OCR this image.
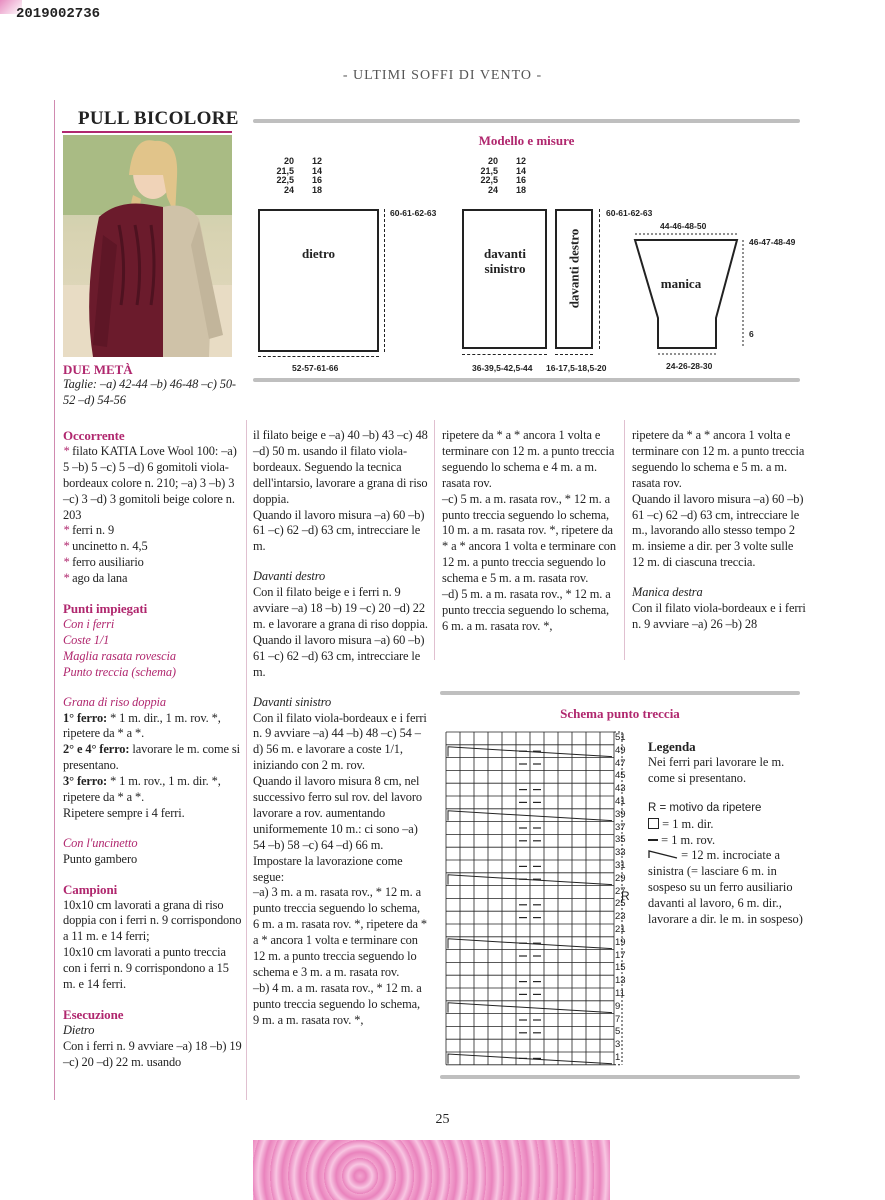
2019002736
- ULTIMI SOFFI DI VENTO -
PULL BICOLORE
DUE METÀ
Taglie: –a) 42-44 –b) 46-48 –c) 50-52 –d) 54-56
Modello e misure
20
21,5
22,5
24
12
14
16
18
20
21,5
22,5
24
12
14
16
18
dietro	davanti sinistro	davanti destro
60-61-62-63
52-57-61-66
60-61-62-63
36-39,5-42,5-44 16-17,5-18,5-20
manica
44-46-48-50
46-47-48-49
6
24-26-28-30

Occorrente

* filato KATIA Love Wool 100: –a) 5 –b) 5 –c) 5 –d) 6 gomitoli viola-bordeaux colore n. 210; –a) 3 –b) 3 –c) 3 –d) 3 gomitoli beige colore n. 203

* ferri n. 9

* uncinetto n. 4,5

* ferro ausiliario

* ago da lana

Punti impiegati

Con i ferri

Coste 1/1

Maglia rasata rovescia

Punto treccia (schema)

Grana di riso doppia

1° ferro: * 1 m. dir., 1 m. rov. *, ripetere da * a *.

2° e 4° ferro: lavorare le m. come si presentano.

3° ferro: * 1 m. rov., 1 m. dir. *, ripetere da * a *.

Ripetere sempre i 4 ferri.

Con l'uncinetto

Punto gambero

Campioni

10x10 cm lavorati a grana di riso doppia con i ferri n. 9 corrispondono a 11 m. e 14 ferri;

10x10 cm lavorati a punto treccia con i ferri n. 9 corrispondono a 15 m. e 14 ferri.

Esecuzione

Dietro

Con i ferri n. 9 avviare –a) 18 –b) 19 –c) 20 –d) 22 m. usando

il filato beige e –a) 40 –b) 43 –c) 48 –d) 50 m. usando il filato viola-bordeaux. Seguendo la tecnica dell'intarsio, lavorare a grana di riso doppia.

Quando il lavoro misura –a) 60 –b) 61 –c) 62 –d) 63 cm, intrecciare le m.

Davanti destro

Con il filato beige e i ferri n. 9 avviare –a) 18 –b) 19 –c) 20 –d) 22 m. e lavorare a grana di riso doppia.

Quando il lavoro misura –a) 60 –b) 61 –c) 62 –d) 63 cm, intrecciare le m.

Davanti sinistro

Con il filato viola-bordeaux e i ferri n. 9 avviare –a) 44 –b) 48 –c) 54 –d) 56 m. e lavorare a coste 1/1, iniziando con 2 m. rov.

Quando il lavoro misura 8 cm, nel successivo ferro sul rov. del lavoro lavorare a rov. aumentando uniformemente 10 m.: ci sono –a) 54 –b) 58 –c) 64 –d) 66 m.

Impostare la lavorazione come segue:

–a) 3 m. a m. rasata rov., * 12 m. a punto treccia seguendo lo schema, 6 m. a m. rasata rov. *, ripetere da * a * ancora 1 volta e terminare con 12 m. a punto treccia seguendo lo schema e 3 m. a m. rasata rov.

–b) 4 m. a m. rasata rov., * 12 m. a punto treccia seguendo lo schema, 9 m. a m. rasata rov. *,

ripetere da * a * ancora 1 volta e terminare con 12 m. a punto treccia seguendo lo schema e 4 m. a m. rasata rov.

–c) 5 m. a m. rasata rov., * 12 m. a punto treccia seguendo lo schema, 10 m. a m. rasata rov. *, ripetere da * a * ancora 1 volta e terminare con 12 m. a punto treccia seguendo lo schema e 5 m. a m. rasata rov.

–d) 5 m. a m. rasata rov., * 12 m. a punto treccia seguendo lo schema, 6 m. a m. rasata rov. *,

ripetere da * a * ancora 1 volta e terminare con 12 m. a punto treccia seguendo lo schema e 5 m. a m. rasata rov.

Quando il lavoro misura –a) 60 –b) 61 –c) 62 –d) 63 cm, intrecciare le m., lavorando allo stesso tempo 2 m. insieme a dir. per 3 volte sulle 12 m. di ciascuna treccia.

Manica destra

Con il filato viola-bordeaux e i ferri n. 9 avviare –a) 26 –b) 28

Schema punto treccia
51
49
47
45
43
41
39
37
35
33
31
29
27
25
23
21
19
17
15
13
11
9
7
5
3
1
R

Legenda

Nei ferri pari lavorare le m. come si presentano.

R = motivo da ripetere

= 1 m. dir.

= 1 m. rov.

= 12 m. incrociate a sinistra (= lasciare 6 m. in sospeso su un ferro ausiliario davanti al lavoro, 6 m. dir., lavorare a dir. le m. in sospeso)

25
